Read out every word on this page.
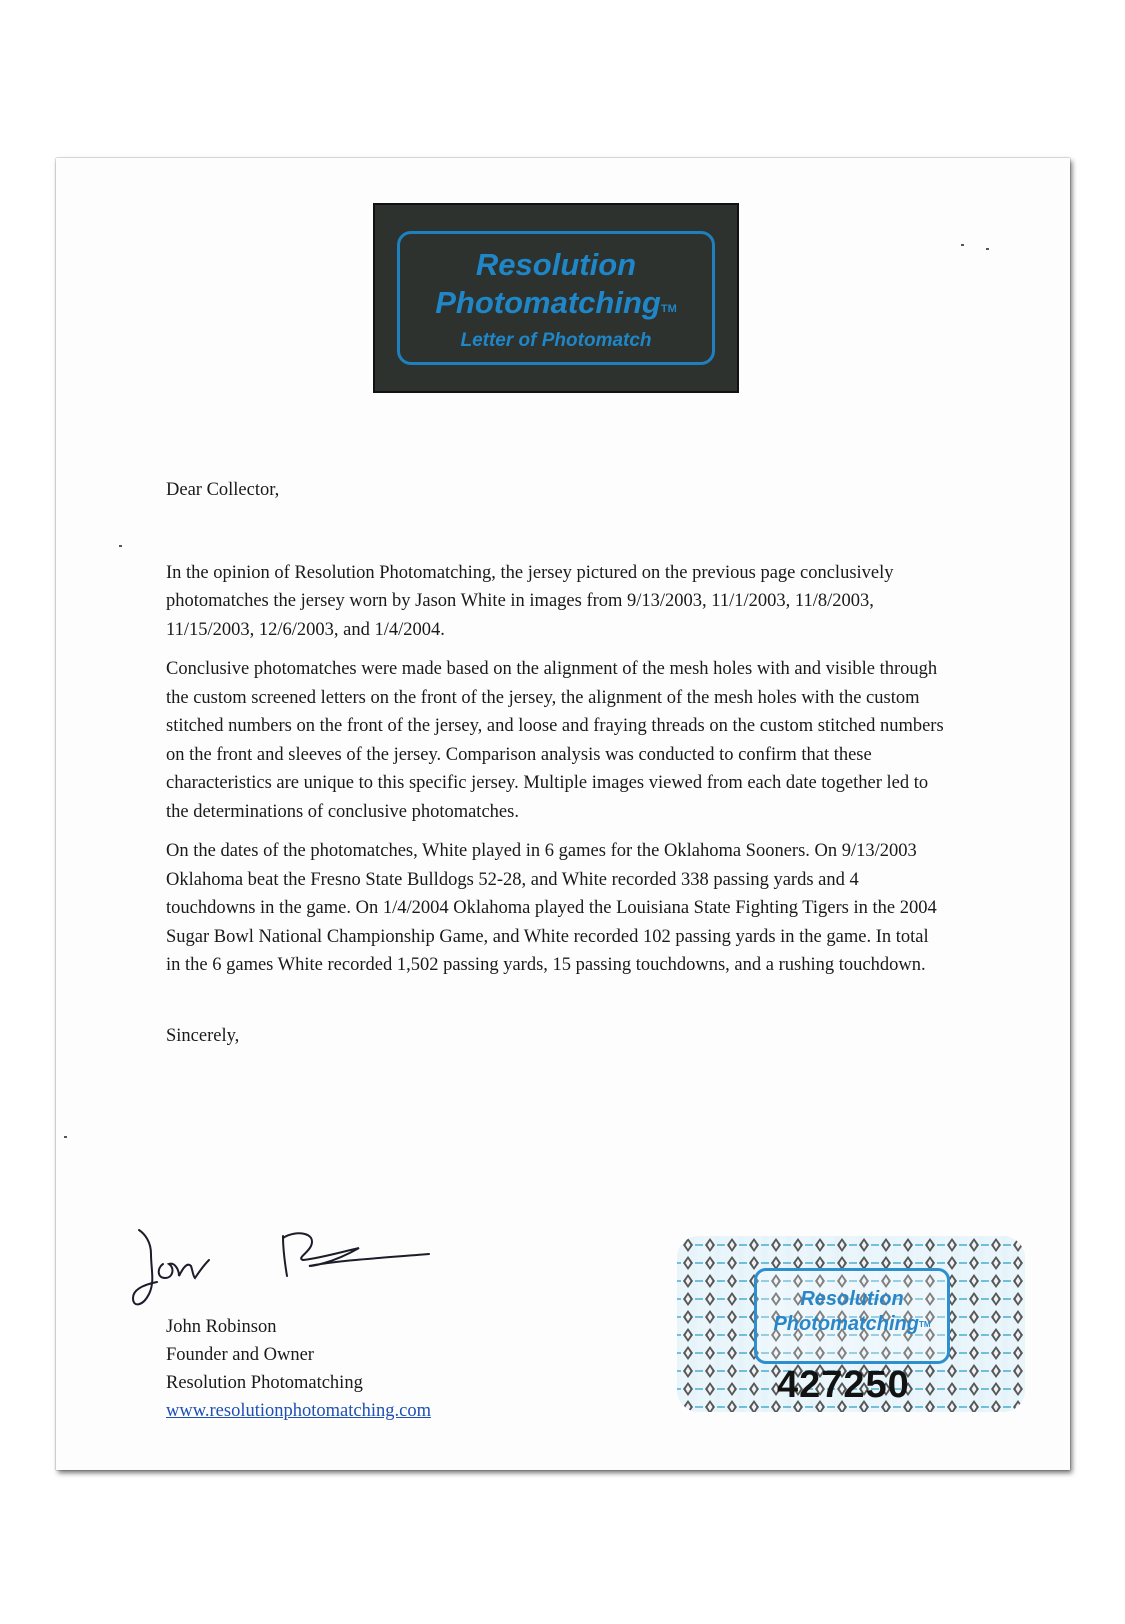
Resolution
Photomatching™
Letter of Photomatch

Dear Collector,

In the opinion of Resolution Photomatching, the jersey pictured on the previous page conclusively photomatches the jersey worn by Jason White in images from 9/13/2003, 11/1/2003, 11/8/2003, 11/15/2003, 12/6/2003, and 1/4/2004.

Conclusive photomatches were made based on the alignment of the mesh holes with and visible through the custom screened letters on the front of the jersey, the alignment of the mesh holes with the custom stitched numbers on the front of the jersey, and loose and fraying threads on the custom stitched numbers on the front and sleeves of the jersey. Comparison analysis was conducted to confirm that these characteristics are unique to this specific jersey. Multiple images viewed from each date together led to the determinations of conclusive photomatches.

On the dates of the photomatches, White played in 6 games for the Oklahoma Sooners. On 9/13/2003 Oklahoma beat the Fresno State Bulldogs 52-28, and White recorded 338 passing yards and 4 touchdowns in the game. On 1/4/2004 Oklahoma played the Louisiana State Fighting Tigers in the 2004 Sugar Bowl National Championship Game, and White recorded 102 passing yards in the game. In total in the 6 games White recorded 1,502 passing yards, 15 passing touchdowns, and a rushing touchdown.

Sincerely,

John Robinson

Founder and Owner

Resolution Photomatching

www.resolutionphotomatching.com

Resolution
Photomatching™
427250
